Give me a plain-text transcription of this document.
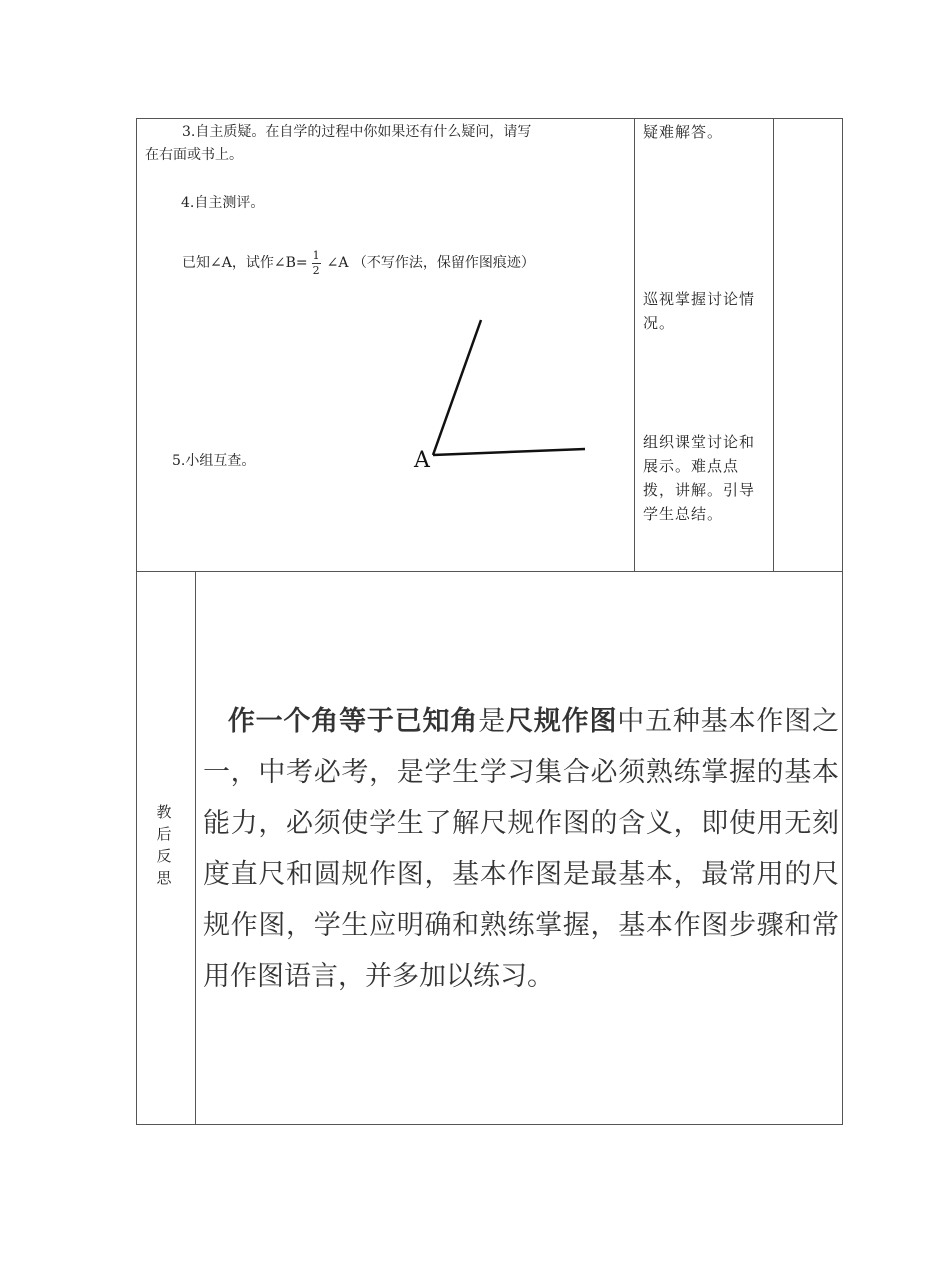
3.自主质疑。在自学的过程中你如果还有什么疑问，请写
在右面或书上。
4.自主测评。
已知∠A，试作∠B= $\frac{1}{2}$ ∠A （不写作法，保留作图痕迹）
A
5.小组互查。
疑难解答。
巡视掌握讨论情况。
组织课堂讨论和展示。难点点拨，讲解。引导学生总结。
教后反思
作一个角等于已知角是尺规作图中五种基本作图之一，中考必考，是学生学习集合必须熟练掌握的基本能力，必须使学生了解尺规作图的含义，即使用无刻度直尺和圆规作图，基本作图是最基本，最常用的尺规作图，学生应明确和熟练掌握，基本作图步骤和常用作图语言，并多加以练习。
